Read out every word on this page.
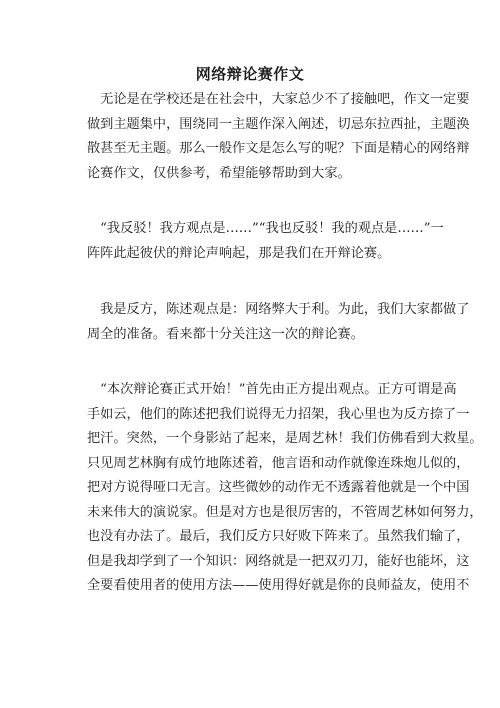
网络辩论赛作文
　无论是在学校还是在社会中，大家总少不了接触吧，作文一定要
做到主题集中，围绕同一主题作深入阐述，切忌东拉西扯，主题涣
散甚至无主题。那么一般作文是怎么写的呢？下面是精心的网络辩
论赛作文，仅供参考，希望能够帮助到大家。
　“我反驳！我方观点是……”“我也反驳！我的观点是……”一
阵阵此起彼伏的辩论声响起，那是我们在开辩论赛。
　我是反方，陈述观点是：网络弊大于利。为此，我们大家都做了
周全的准备。看来都十分关注这一次的辩论赛。
　“本次辩论赛正式开始！”首先由正方提出观点。正方可谓是高
手如云，他们的陈述把我们说得无力招架，我心里也为反方捺了一
把汗。突然，一个身影站了起来，是周艺林！我们仿佛看到大救星。
只见周艺林胸有成竹地陈述着，他言语和动作就像连珠炮儿似的，
把对方说得哑口无言。这些微妙的动作无不透露着他就是一个中国
未来伟大的演说家。但是对方也是很厉害的，不管周艺林如何努力，
也没有办法了。最后，我们反方只好败下阵来了。虽然我们输了，
但是我却学到了一个知识：网络就是一把双刃刀，能好也能坏，这
全要看使用者的使用方法——使用得好就是你的良师益友，使用不
